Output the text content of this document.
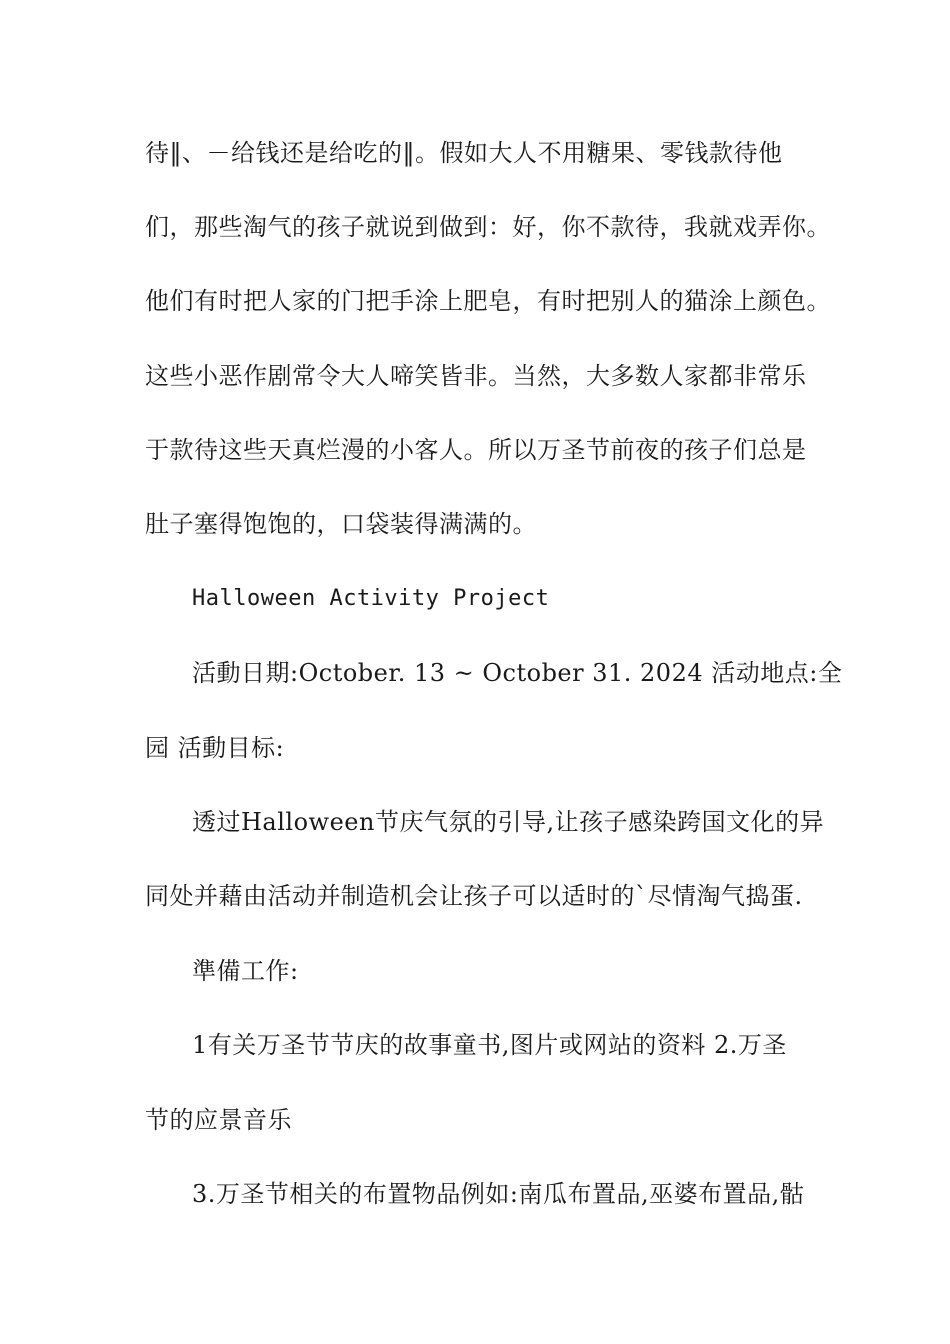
待‖、－给钱还是给吃的‖。假如大人不用糖果、零钱款待他
们，那些淘气的孩子就说到做到：好，你不款待，我就戏弄你。
他们有时把人家的门把手涂上肥皂，有时把别人的猫涂上颜色。
这些小恶作剧常令大人啼笑皆非。当然，大多数人家都非常乐
于款待这些天真烂漫的小客人。所以万圣节前夜的孩子们总是
肚子塞得饱饱的，口袋装得满满的。
Halloween Activity Project
活動日期:October. 13 ~ October 31. 2024 活动地点:全
园 活動目标:
透过Halloween节庆气氛的引导,让孩子感染跨国文化的异
同处并藉由活动并制造机会让孩子可以适时的`尽情淘气捣蛋.
準備工作:
1有关万圣节节庆的故事童书,图片或网站的资料 2.万圣
节的应景音乐
3.万圣节相关的布置物品例如:南瓜布置品,巫婆布置品,骷
